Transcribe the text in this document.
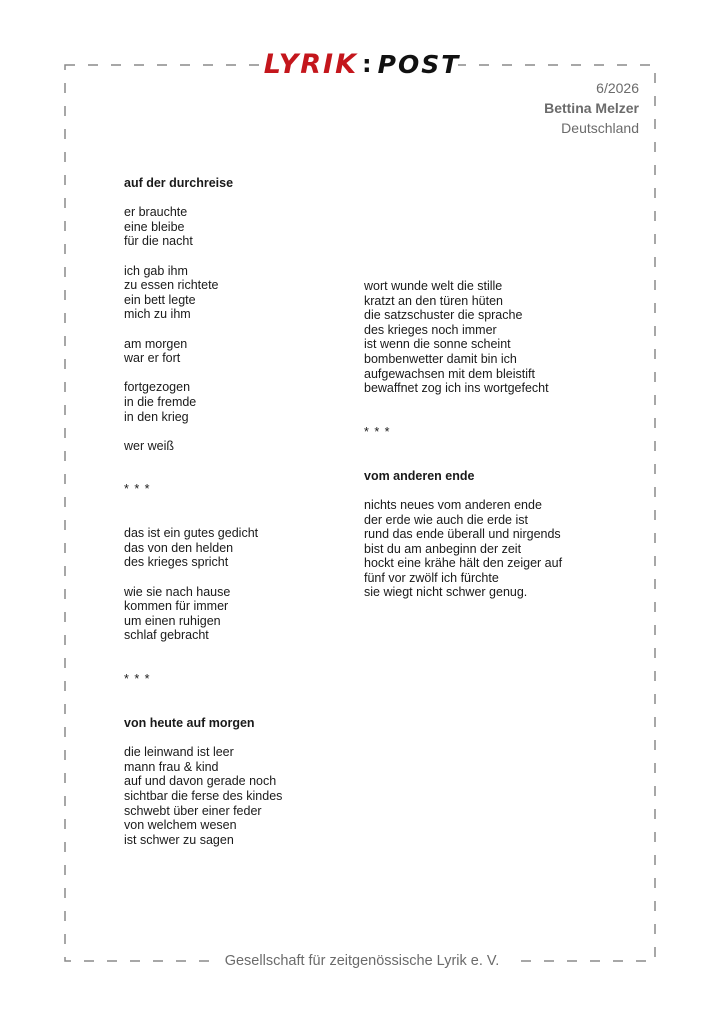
LYRIK : POST
6/2026
Bettina Melzer
Deutschland
auf der durchreise
er brauchte
eine bleibe
für die nacht
ich gab ihm
zu essen richtete
ein bett legte
mich zu ihm
am morgen
war er fort
fortgezogen
in die fremde
in den krieg
wer weiß
* * *
das ist ein gutes gedicht
das von den helden
des krieges spricht
wie sie nach hause
kommen für immer
um einen ruhigen
schlaf gebracht
* * *
von heute auf morgen
die leinwand ist leer
mann frau & kind
auf und davon gerade noch
sichtbar die ferse des kindes
schwebt über einer feder
von welchem wesen
ist schwer zu sagen
wort wunde welt die stille
kratzt an den türen hüten
die satzschuster die sprache
des krieges noch immer
ist wenn die sonne scheint
bombenwetter damit bin ich
aufgewachsen mit dem bleistift
bewaffnet zog ich ins wortgefecht
* * *
vom anderen ende
nichts neues vom anderen ende
der erde wie auch die erde ist
rund das ende überall und nirgends
bist du am anbeginn der zeit
hockt eine krähe hält den zeiger auf
fünf vor zwölf ich fürchte
sie wiegt nicht schwer genug.
Gesellschaft für zeitgenössische Lyrik e. V.
